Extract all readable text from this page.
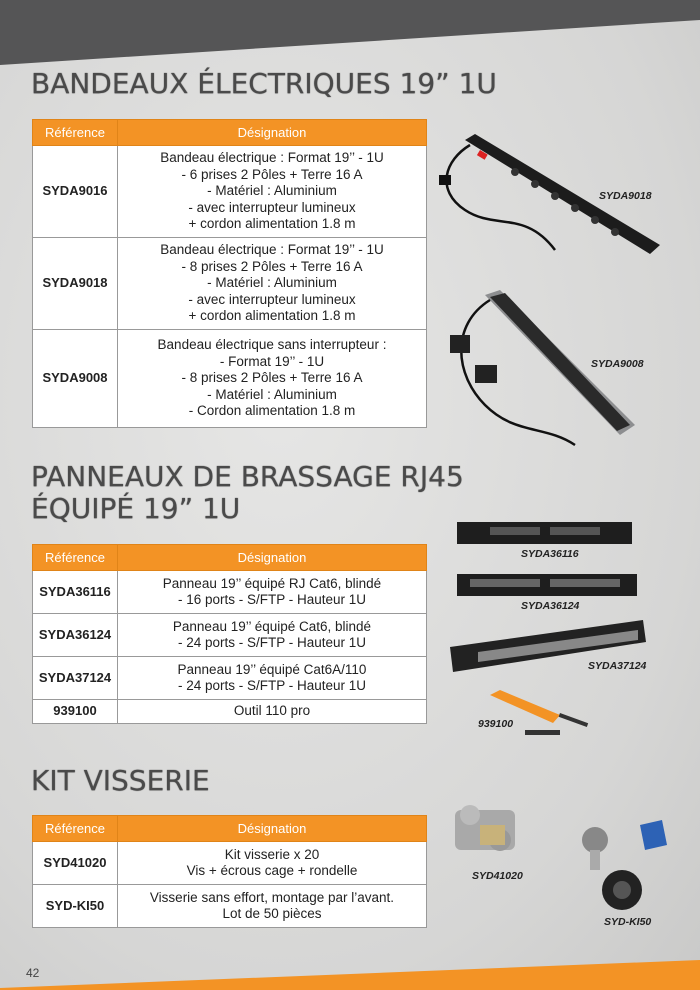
BANDEAUX ÉLECTRIQUES 19” 1U
Référence	Désignation
SYDA9016	Bandeau électrique : Format 19’’ - 1U
- 6 prises 2 Pôles + Terre 16 A
- Matériel : Aluminium
- avec interrupteur lumineux
+ cordon alimentation 1.8 m

SYDA9018	Bandeau électrique : Format 19’’ - 1U
- 8 prises 2 Pôles + Terre 16 A
- Matériel : Aluminium
- avec interrupteur lumineux
+ cordon alimentation 1.8 m

SYDA9008	Bandeau électrique sans interrupteur :
- Format 19’’ - 1U
- 8 prises 2 Pôles + Terre 16 A
- Matériel : Aluminium
- Cordon alimentation 1.8 m
PANNEAUX DE BRASSAGE RJ45
ÉQUIPÉ 19” 1U
Référence	Désignation
SYDA36116	Panneau 19’’ équipé RJ Cat6, blindé
- 16 ports - S/FTP - Hauteur 1U

SYDA36124	Panneau 19’’ équipé Cat6, blindé
- 24 ports - S/FTP - Hauteur 1U

SYDA37124	Panneau 19’’ équipé Cat6A/110
- 24 ports - S/FTP - Hauteur 1U

939100	Outil 110 pro
KIT VISSERIE
Référence	Désignation
SYD41020	Kit visserie x 20
Vis + écrous cage + rondelle

SYD-KI50	Visserie sans effort, montage par l’avant.
Lot de 50 pièces
SYDA9018
SYDA9008
SYDA36116
SYDA36124
SYDA37124
939100
SYD41020
SYD-KI50
42
